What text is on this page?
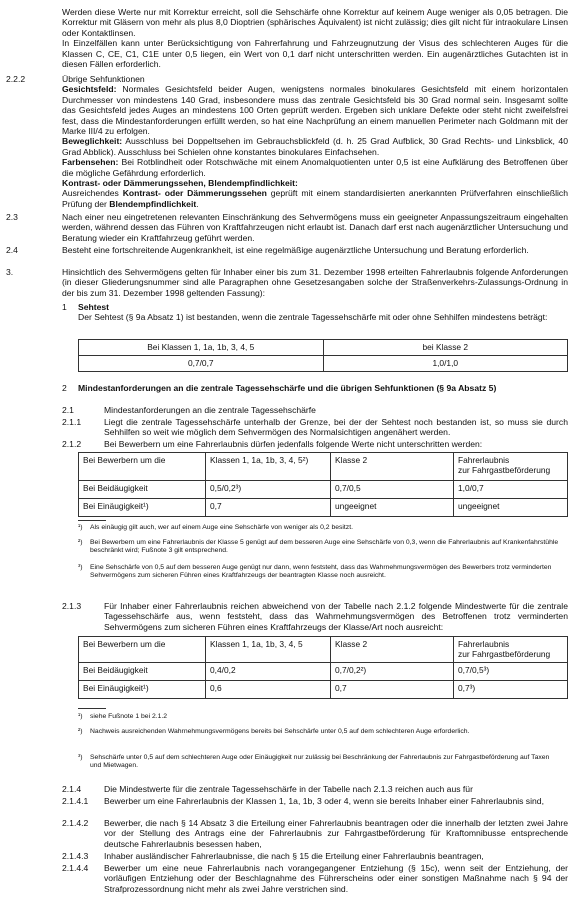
Werden diese Werte nur mit Korrektur erreicht, soll die Sehschärfe ohne Korrektur auf keinem Auge weniger als 0,05 betragen. Die Korrektur mit Gläsern von mehr als plus 8,0 Dioptrien (sphärisches Äquivalent) ist nicht zulässig; dies gilt nicht für intraokulare Linsen oder Kontaktlinsen.

In Einzelfällen kann unter Berücksichtigung von Fahrerfahrung und Fahrzeugnutzung der Visus des schlechteren Auges für die Klassen C, CE, C1, C1E unter 0,5 liegen, ein Wert von 0,1 darf nicht unterschritten werden. Ein augenärztliches Gutachten ist in diesen Fällen erforderlich.

2.2.2	Übrige Sehfunktionen

Gesichtsfeld: Normales Gesichtsfeld beider Augen, wenigstens normales binokulares Gesichtsfeld mit einem horizontalen Durchmesser von mindestens 140 Grad, insbesondere muss das zentrale Gesichtsfeld bis 30 Grad normal sein. Insgesamt sollte das Gesichtsfeld jedes Auges an mindestens 100 Orten geprüft werden. Ergeben sich unklare Defekte oder steht nicht zweifelsfrei fest, dass die Mindestanforderungen erfüllt werden, so hat eine Nachprüfung an einem manuellen Perimeter nach Goldmann mit der Marke III/4 zu erfolgen.

Beweglichkeit: Ausschluss bei Doppeltsehen im Gebrauchsblickfeld (d. h. 25 Grad Aufblick, 30 Grad Rechts- und Linksblick, 40 Grad Abblick). Ausschluss bei Schielen ohne konstantes binokulares Einfachsehen.

Farbensehen: Bei Rotblindheit oder Rotschwäche mit einem Anomalquotienten unter 0,5 ist eine Aufklärung des Betroffenen über die mögliche Gefährdung erforderlich.

Kontrast- oder Dämmerungssehen, Blendempfindlichkeit:

Ausreichendes Kontrast- oder Dämmerungssehen geprüft mit einem standardisierten anerkannten Prüfverfahren einschließlich Prüfung der Blendempfindlichkeit.

2.3	Nach einer neu eingetretenen relevanten Einschränkung des Sehvermögens muss ein geeigneter Anpassungszeitraum eingehalten werden, während dessen das Führen von Kraftfahrzeugen nicht erlaubt ist. Danach darf erst nach augenärztlicher Untersuchung und Beratung wieder ein Kraftfahrzeug geführt werden.

2.4	Besteht eine fortschreitende Augenkrankheit, ist eine regelmäßige augenärztliche Untersuchung und Beratung erforderlich.

3.	Hinsichtlich des Sehvermögens gelten für Inhaber einer bis zum 31. Dezember 1998 erteilten Fahrerlaubnis folgende Anforderungen (in dieser Gliederungsnummer sind alle Paragraphen ohne Gesetzesangaben solche der Straßenverkehrs-Zulassungs-Ordnung in der bis zum 31. Dezember 1998 geltenden Fassung):

1 Sehtest

Der Sehtest (§ 9a Absatz 1) ist bestanden, wenn die zentrale Tagessehschärfe mit oder ohne Sehhilfen mindestens beträgt:

Bei Klassen 1, 1a, 1b, 3, 4, 5	bei Klasse 2
0,7/0,7	1,0/1,0
2 Mindestanforderungen an die zentrale Tagessehschärfe und die übrigen Sehfunktionen (§ 9a Absatz 5)

2.1	Mindestanforderungen an die zentrale Tagessehschärfe

2.1.1	Liegt die zentrale Tagessehschärfe unterhalb der Grenze, bei der der Sehtest noch bestanden ist, so muss sie durch Sehhilfen so weit wie möglich dem Sehvermögen des Normalsichtigen angenähert werden.

2.1.2	Bei Bewerbern um eine Fahrerlaubnis dürfen jedenfalls folgende Werte nicht unterschritten werden:

Bei Bewerbern um die	Klassen 1, 1a, 1b, 3, 4, 5²)	Klasse 2	Fahrerlaubnis
zur Fahrgastbeförderung
Bei Beidäugigkeit	0,5/0,2³)	0,7/0,5	1,0/0,7
Bei Einäugigkeit¹)	0,7	ungeeignet	ungeeignet
¹) Als einäugig gilt auch, wer auf einem Auge eine Sehschärfe von weniger als 0,2 besitzt.
²) Bei Bewerbern um eine Fahrerlaubnis der Klasse 5 genügt auf dem besseren Auge eine Sehschärfe von 0,3, wenn die Fahrerlaubnis auf Krankenfahrstühle beschränkt wird; Fußnote 3 gilt entsprechend.
³) Eine Sehschärfe von 0,5 auf dem besseren Auge genügt nur dann, wenn feststeht, dass das Wahrnehmungsvermögen des Bewerbers trotz verminderten Sehvermögens zum sicheren Führen eines Kraftfahrzeugs der beantragten Klasse noch ausreicht.
2.1.3	Für Inhaber einer Fahrerlaubnis reichen abweichend von der Tabelle nach 2.1.2 folgende Mindestwerte für die zentrale Tagessehschärfe aus, wenn feststeht, dass das Wahrnehmungsvermögen des Betroffenen trotz verminderten Sehvermögens zum sicheren Führen eines Kraftfahrzeugs der Klasse/Art noch ausreicht:

Bei Bewerbern um die	Klassen 1, 1a, 1b, 3, 4, 5	Klasse 2	Fahrerlaubnis
zur Fahrgastbeförderung
Bei Beidäugigkeit	0,4/0,2	0,7/0,2²)	0,7/0,5³)
Bei Einäugigkeit¹)	0,6	0,7	0,7³)
¹) siehe Fußnote 1 bei 2.1.2
²) Nachweis ausreichenden Wahrnehmungsvermögens bereits bei Sehschärfe unter 0,5 auf dem schlechteren Auge erforderlich.
³) Sehschärfe unter 0,5 auf dem schlechteren Auge oder Einäugigkeit nur zulässig bei Beschränkung der Fahrerlaubnis zur Fahrgastbeförderung auf Taxen und Mietwagen.
2.1.4	Die Mindestwerte für die zentrale Tagessehschärfe in der Tabelle nach 2.1.3 reichen auch aus für

2.1.4.1 Bewerber um eine Fahrerlaubnis der Klassen 1, 1a, 1b, 3 oder 4, wenn sie bereits Inhaber einer Fahrerlaubnis sind,

2.1.4.2 Bewerber, die nach § 14 Absatz 3 die Erteilung einer Fahrerlaubnis beantragen oder die innerhalb der letzten zwei Jahre vor der Stellung des Antrags eine der Fahrerlaubnis zur Fahrgastbeförderung für Kraftomnibusse entsprechende deutsche Fahrerlaubnis besessen haben,

2.1.4.3 Inhaber ausländischer Fahrerlaubnisse, die nach § 15 die Erteilung einer Fahrerlaubnis beantragen,

2.1.4.4 Bewerber um eine neue Fahrerlaubnis nach vorangegangener Entziehung (§ 15c), wenn seit der Entziehung, der vorläufigen Entziehung oder der Beschlagnahme des Führerscheins oder einer sonstigen Maßnahme nach § 94 der Strafprozessordnung nicht mehr als zwei Jahre verstrichen sind.
